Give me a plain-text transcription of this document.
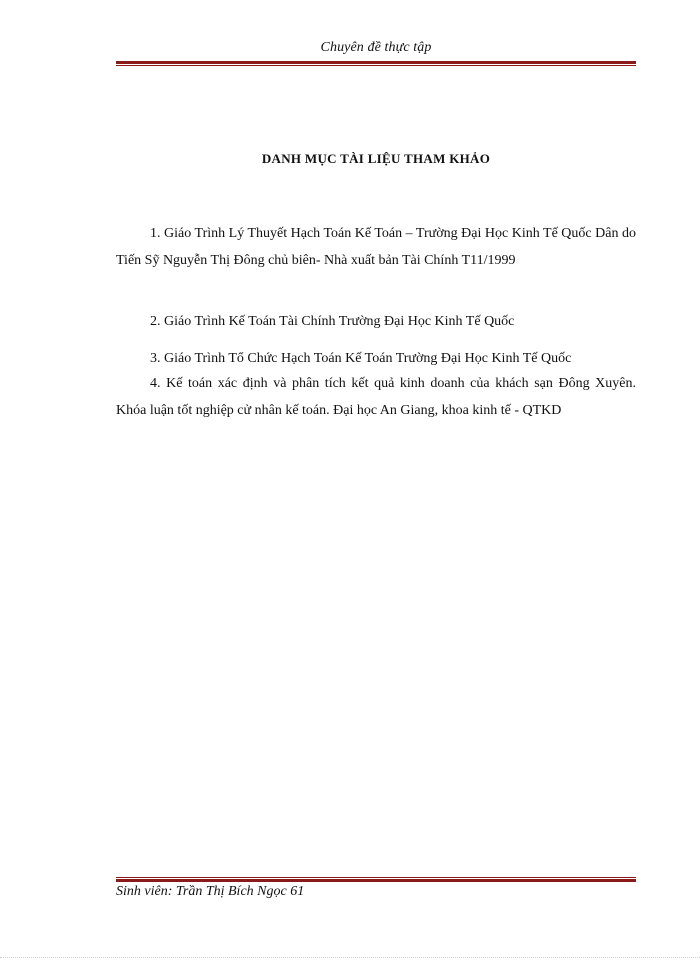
Chuyên đề thực tập
DANH MỤC TÀI LIỆU THAM KHẢO

1. Giáo Trình Lý Thuyết Hạch Toán Kế Toán – Trường Đại Học Kinh Tế Quốc Dân do Tiến Sỹ Nguyễn Thị Đông chủ biên- Nhà xuất bản Tài Chính T11/1999

2. Giáo Trình Kế Toán Tài Chính Trường Đại Học Kinh Tế Quốc

3. Giáo Trình Tổ Chức Hạch Toán Kế Toán Trường Đại Học Kinh Tế Quốc

4. Kế toán xác định và phân tích kết quả kinh doanh của khách sạn Đông Xuyên. Khóa luận tốt nghiệp cử nhân kế toán. Đại học An Giang, khoa kinh tế - QTKD

Sinh viên: Trần Thị Bích Ngọc 61
